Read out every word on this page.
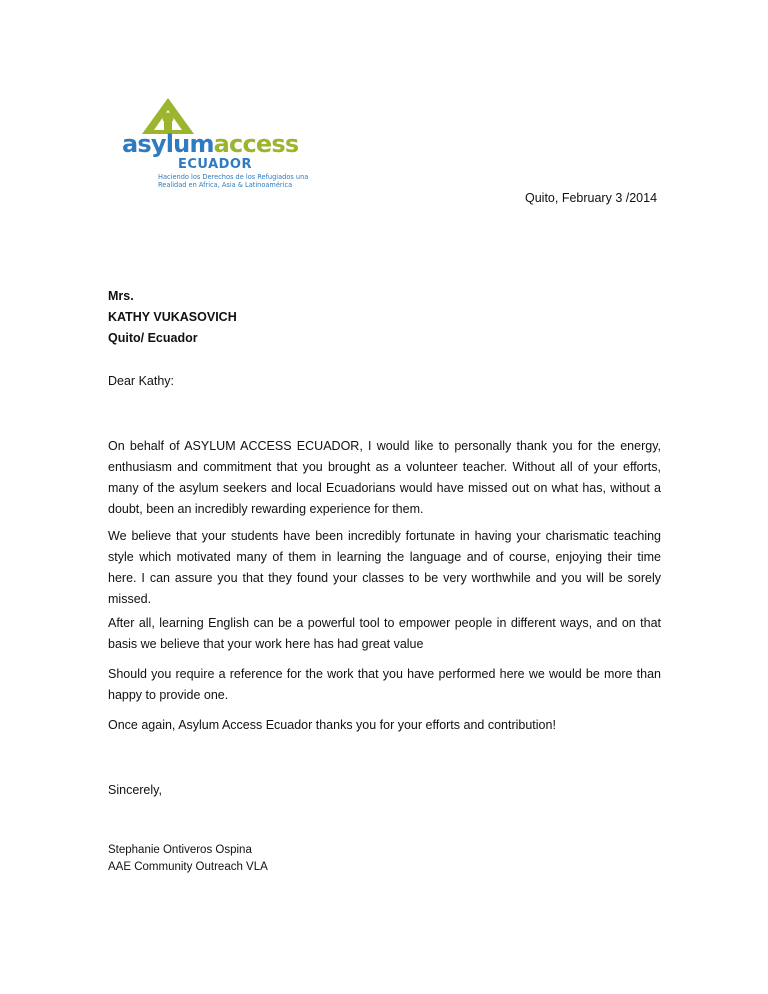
asylumaccess
ECUADOR
Haciendo los Derechos de los Refugiados una Realidad en Africa, Asia & Latinoamérica
Quito, February 3 /2014
Mrs.
KATHY VUKASOVICH
Quito/ Ecuador
Dear Kathy:
On behalf of ASYLUM ACCESS ECUADOR, I would like to personally thank you for the energy, enthusiasm and commitment that you brought as a volunteer teacher. Without all of your efforts, many of the asylum seekers and local Ecuadorians would have missed out on what has, without a doubt, been an incredibly rewarding experience for them.
We believe that your students have been incredibly fortunate in having your charismatic teaching style which motivated many of them in learning the language and of course, enjoying their time here. I can assure you that they found your classes to be very worthwhile and you will be sorely missed.
After all, learning English can be a powerful tool to empower people in different ways, and on that basis we believe that your work here has had great value
Should you require a reference for the work that you have performed here we would be more than happy to provide one.
Once again, Asylum Access Ecuador thanks you for your efforts and contribution!
Sincerely,
Stephanie Ontiveros Ospina
AAE Community Outreach VLA
